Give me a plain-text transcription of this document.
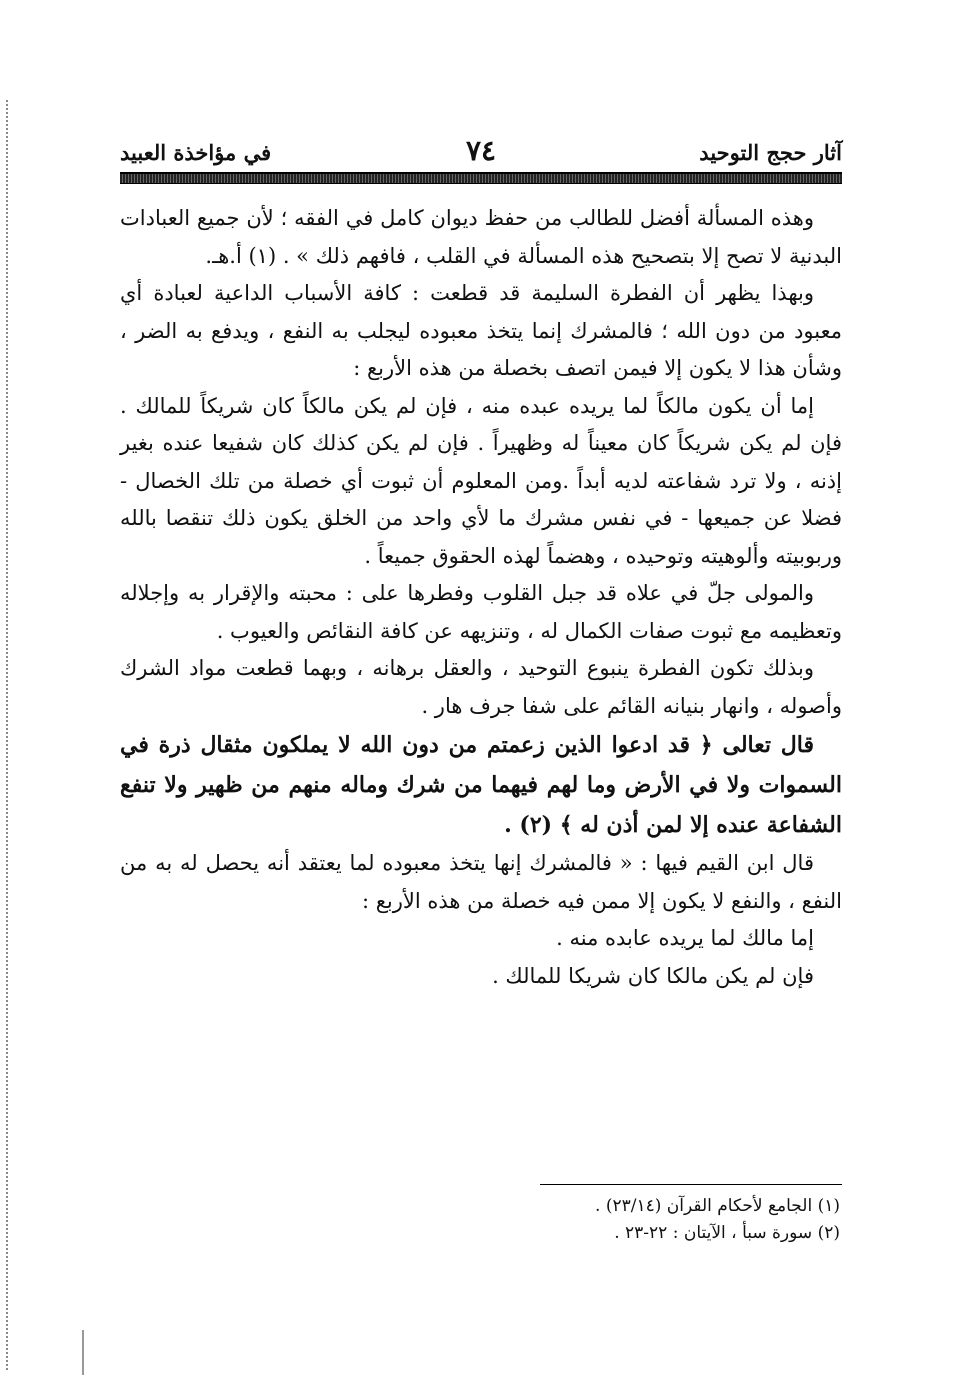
آثار حجج التوحيد
٧٤
في مؤاخذة العبيد

وهذه المسألة أفضل للطالب من حفظ ديوان كامل في الفقه ؛ لأن جميع العبادات البدنية لا تصح إلا بتصحيح هذه المسألة في القلب ، فافهم ذلك » . (١) أ.هـ.

وبهذا يظهر أن الفطرة السليمة قد قطعت : كافة الأسباب الداعية لعبادة أي معبود من دون الله ؛ فالمشرك إنما يتخذ معبوده ليجلب به النفع ، ويدفع به الضر ، وشأن هذا لا يكون إلا فيمن اتصف بخصلة من هذه الأربع :

إما أن يكون مالكاً لما يريده عبده منه ، فإن لم يكن مالكاً كان شريكاً للمالك . فإن لم يكن شريكاً كان معيناً له وظهيراً . فإن لم يكن كذلك كان شفيعا عنده بغير إذنه ، ولا ترد شفاعته لديه أبداً .ومن المعلوم أن ثبوت أي خصلة من تلك الخصال - فضلا عن جميعها - في نفس مشرك ما لأي واحد من الخلق يكون ذلك تنقصا بالله وربوبيته وألوهيته وتوحيده ، وهضماً لهذه الحقوق جميعاً .

والمولى جلّ في علاه قد جبل القلوب وفطرها على : محبته والإقرار به وإجلاله وتعظيمه مع ثبوت صفات الكمال له ، وتنزيهه عن كافة النقائص والعيوب .

وبذلك تكون الفطرة ينبوع التوحيد ، والعقل برهانه ، وبهما قطعت مواد الشرك وأصوله ، وانهار بنيانه القائم على شفا جرف هار .

قال تعالى ﴿ قد ادعوا الذين زعمتم من دون الله لا يملكون مثقال ذرة في السموات ولا في الأرض وما لهم فيهما من شرك وماله منهم من ظهير ولا تنفع الشفاعة عنده إلا لمن أذن له ﴾ (٢) .

قال ابن القيم فيها : « فالمشرك إنها يتخذ معبوده لما يعتقد أنه يحصل له به من النفع ، والنفع لا يكون إلا ممن فيه خصلة من هذه الأربع :

إما مالك لما يريده عابده منه .

فإن لم يكن مالكا كان شريكا للمالك .

(١) الجامع لأحكام القرآن (٢٣/١٤) .
(٢) سورة سبأ ، الآيتان : ٢٢-٢٣ .
